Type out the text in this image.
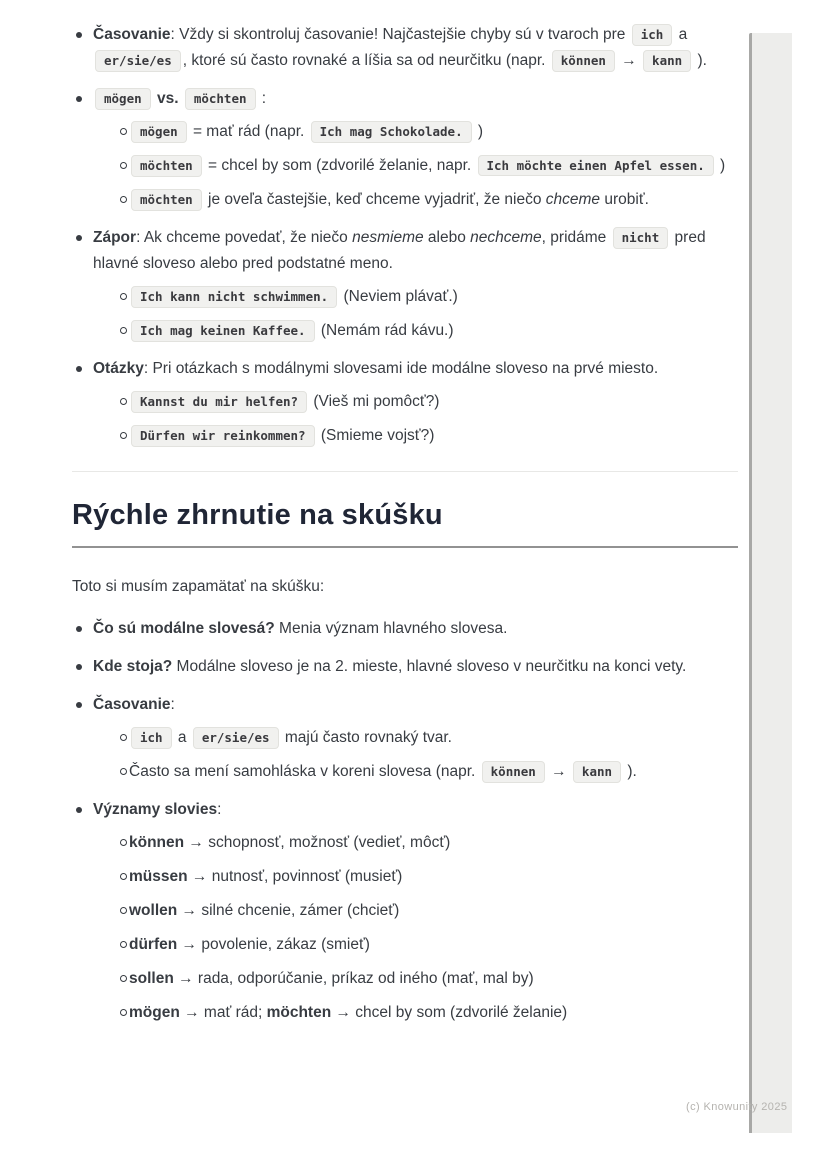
Časovanie: Vždy si skontroluj časovanie! Najčastejšie chyby sú v tvaroch pre ich a er/sie/es , ktoré sú často rovnaké a líšia sa od neurčitku (napr. können → kann ).
mögen vs. möchten :
mögen = mať rád (napr. Ich mag Schokolade. )
möchten = chcel by som (zdvorilé želanie, napr. Ich möchte einen Apfel essen. )
möchten je oveľa častejšie, keď chceme vyjadriť, že niečo chceme urobiť.
Zápor: Ak chceme povedať, že niečo nesmieme alebo nechceme, pridáme nicht pred hlavné sloveso alebo pred podstatné meno.
Ich kann nicht schwimmen. (Neviem plávať.)
Ich mag keinen Kaffee. (Nemám rád kávu.)
Otázky: Pri otázkach s modálnymi slovesami ide modálne sloveso na prvé miesto.
Kannst du mir helfen? (Vieš mi pomôcť?)
Dürfen wir reinkommen? (Smieme vojsť?)
Rýchle zhrnutie na skúšku

Toto si musím zapamätať na skúšku:

Čo sú modálne slovesá? Menia význam hlavného slovesa.
Kde stoja? Modálne sloveso je na 2. mieste, hlavné sloveso v neurčitku na konci vety.
Časovanie:
ich a er/sie/es majú často rovnaký tvar.
Často sa mení samohláska v koreni slovesa (napr. können → kann ).
Významy slovies:
können → schopnosť, možnosť (vedieť, môcť)
müssen → nutnosť, povinnosť (musieť)
wollen → silné chcenie, zámer (chcieť)
dürfen → povolenie, zákaz (smieť)
sollen → rada, odporúčanie, príkaz od iného (mať, mal by)
mögen → mať rád; möchten → chcel by som (zdvorilé želanie)
(c) Knowunity 2025
